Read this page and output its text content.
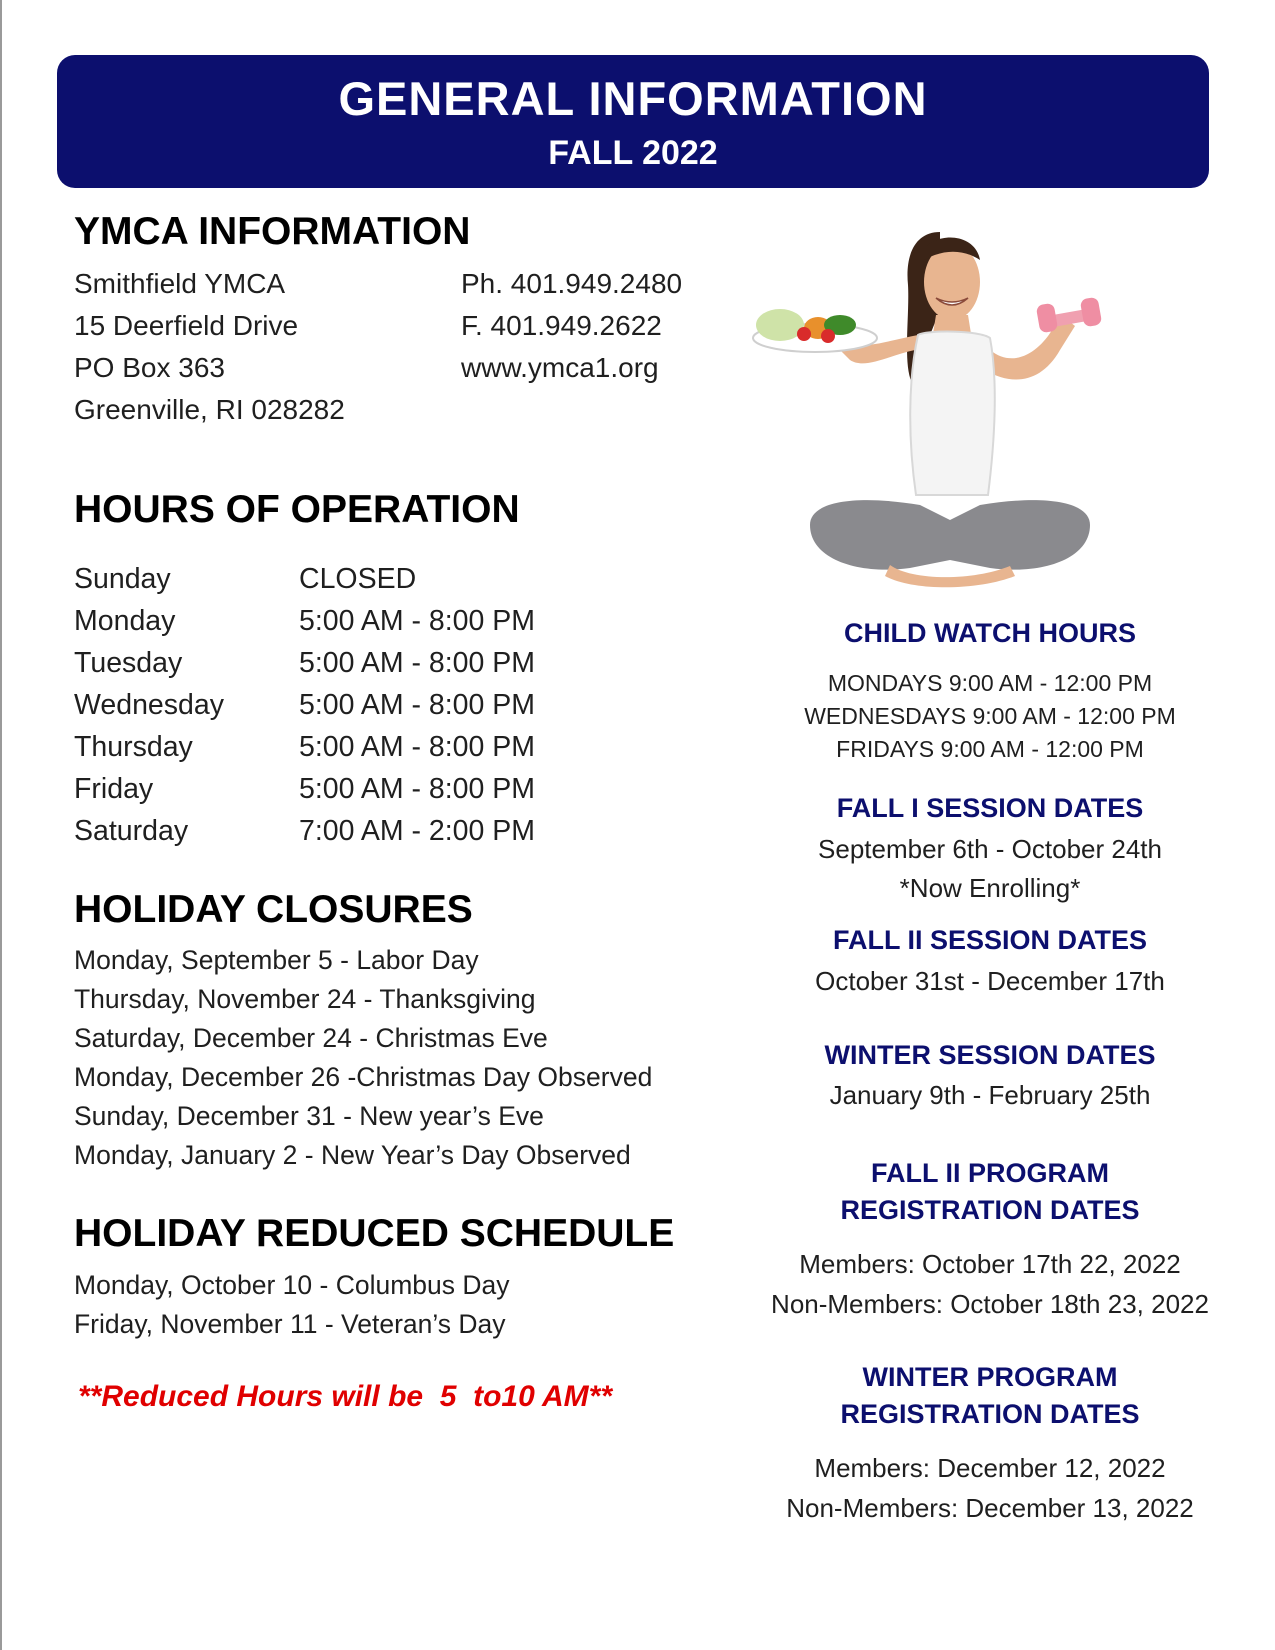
GENERAL INFORMATION
FALL 2022
YMCA INFORMATION
Smithfield YMCA
15 Deerfield Drive
PO Box 363
Greenville, RI 028282
Ph. 401.949.2480
F. 401.949.2622
www.ymca1.org
HOURS OF OPERATION
Sunday	CLOSED
Monday	5:00 AM - 8:00 PM
Tuesday	5:00 AM - 8:00 PM
Wednesday	5:00 AM - 8:00 PM
Thursday	5:00 AM - 8:00 PM
Friday	5:00 AM - 8:00 PM
Saturday	7:00 AM - 2:00 PM
HOLIDAY CLOSURES
Monday, September 5 - Labor Day
Thursday, November 24 - Thanksgiving
Saturday, December 24 - Christmas Eve
Monday, December 26 -Christmas Day Observed
Sunday, December 31 - New year’s Eve
Monday, January 2 - New Year’s Day Observed
HOLIDAY REDUCED SCHEDULE
Monday, October 10 - Columbus Day
Friday, November 11 - Veteran’s Day
**Reduced Hours will be  5  to10 AM**
CHILD WATCH HOURS
MONDAYS 9:00 AM - 12:00 PM
WEDNESDAYS 9:00 AM - 12:00 PM
FRIDAYS 9:00 AM - 12:00 PM
FALL I SESSION DATES
September 6th - October 24th
*Now Enrolling*
FALL II SESSION DATES
October 31st - December 17th
WINTER SESSION DATES
January 9th - February 25th
FALL II PROGRAM
REGISTRATION DATES
Members: October 17th 22, 2022
Non-Members: October 18th 23, 2022
WINTER PROGRAM
REGISTRATION DATES
Members: December 12, 2022
Non-Members: December 13, 2022
